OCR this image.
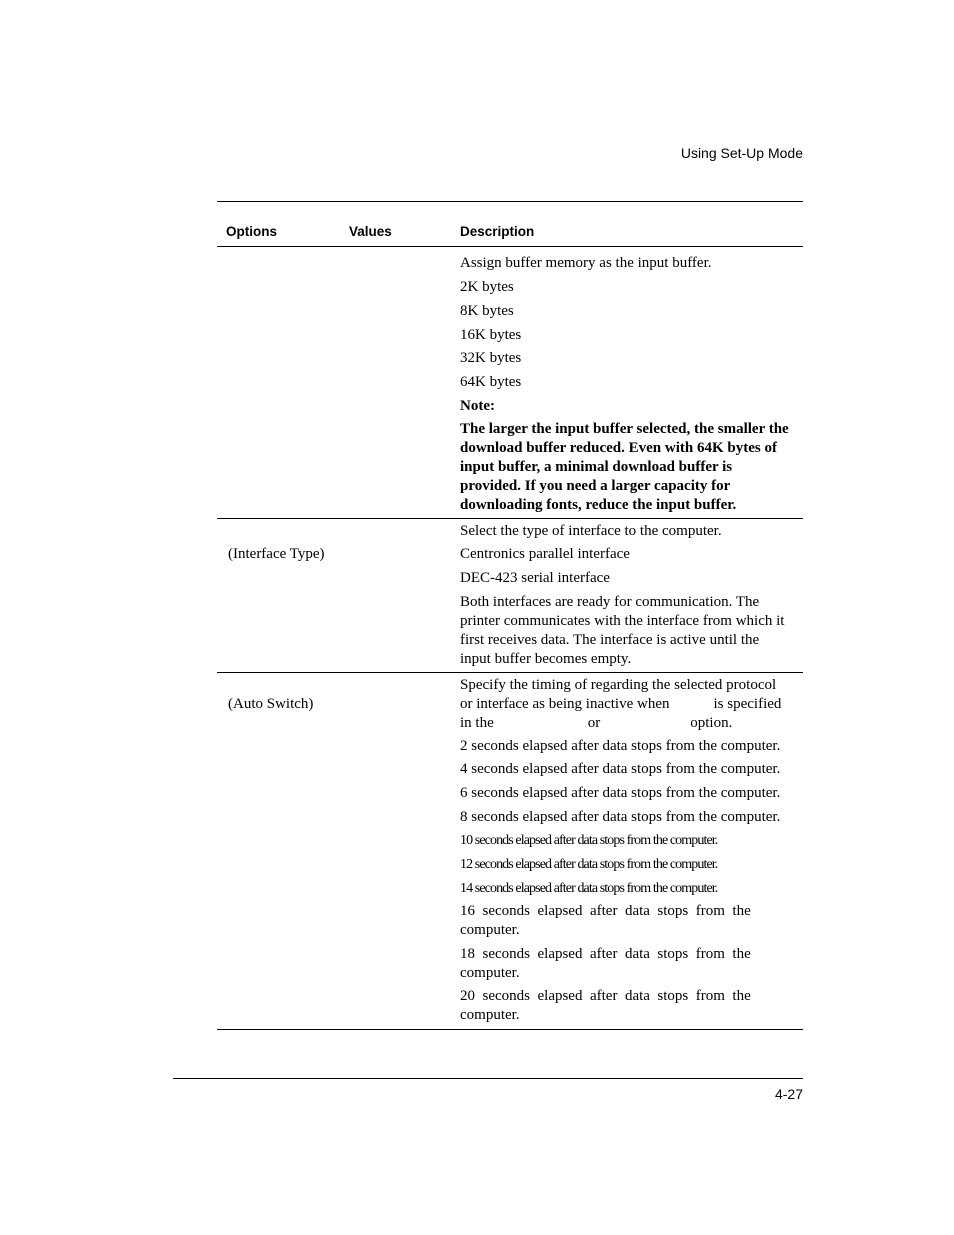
Using Set-Up Mode
Options	Values	Description
Assign buffer memory as the input buffer.
2K bytes
8K bytes
16K bytes
32K bytes
64K bytes
Note:
The larger the input buffer selected, the smaller the
download buffer reduced. Even with 64K bytes of
input buffer, a minimal download buffer is
provided. If you need a larger capacity for
downloading fonts, reduce the input buffer.
Select the type of interface to the computer.
(Interface Type)	Centronics parallel interface
DEC-423 serial interface
Both interfaces are ready for communication. The
printer communicates with the interface from which it
first receives data. The interface is active until the
input buffer becomes empty.
(Auto Switch)
Specify the timing of regarding the selected protocol
or interface as being inactive when	is specified
in the	or	option.
2 seconds elapsed after data stops from the computer.
4 seconds elapsed after data stops from the computer.
6 seconds elapsed after data stops from the computer.
8 seconds elapsed after data stops from the computer.
10 seconds elapsed after data stops from the computer.
12 seconds elapsed after data stops from the computer.
14 seconds elapsed after data stops from the computer.
16  seconds  elapsed  after  data  stops  from  the
computer.
18  seconds  elapsed  after  data  stops  from  the
computer.
20  seconds  elapsed  after  data  stops  from  the
computer.
4-27
